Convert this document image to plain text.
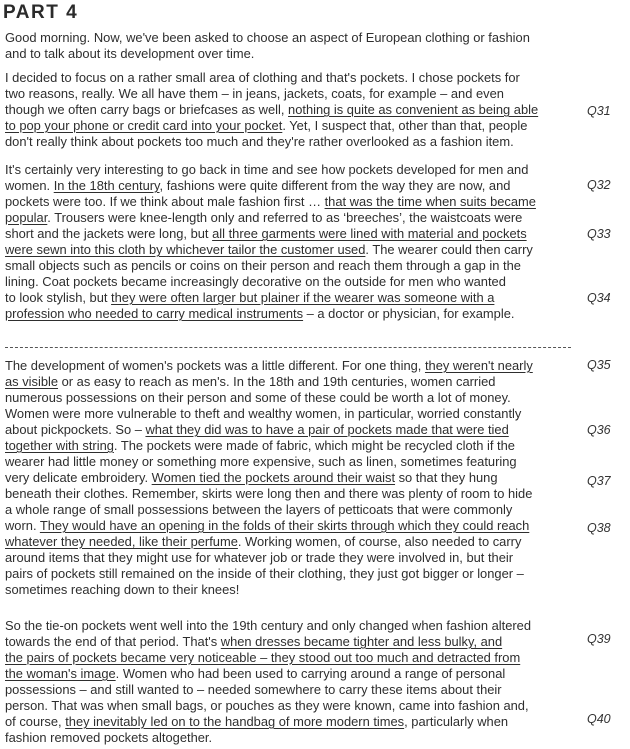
PART 4

Good morning. Now, we've been asked to choose an aspect of European clothing or fashion

and to talk about its development over time.

I decided to focus on a rather small area of clothing and that's pockets. I chose pockets for

two reasons, really. We all have them – in jeans, jackets, coats, for example – and even

though we often carry bags or briefcases as well, nothing is quite as convenient as being able

to pop your phone or credit card into your pocket. Yet, I suspect that, other than that, people

don't really think about pockets too much and they're rather overlooked as a fashion item.

It's certainly very interesting to go back in time and see how pockets developed for men and

women. In the 18th century, fashions were quite different from the way they are now, and

pockets were too. If we think about male fashion first … that was the time when suits became

popular. Trousers were knee-length only and referred to as ‘breeches’, the waistcoats were

short and the jackets were long, but all three garments were lined with material and pockets

were sewn into this cloth by whichever tailor the customer used. The wearer could then carry

small objects such as pencils or coins on their person and reach them through a gap in the

lining. Coat pockets became increasingly decorative on the outside for men who wanted

to look stylish, but they were often larger but plainer if the wearer was someone with a

profession who needed to carry medical instruments – a doctor or physician, for example.

The development of women's pockets was a little different. For one thing, they weren't nearly

as visible or as easy to reach as men's. In the 18th and 19th centuries, women carried

numerous possessions on their person and some of these could be worth a lot of money.

Women were more vulnerable to theft and wealthy women, in particular, worried constantly

about pickpockets. So – what they did was to have a pair of pockets made that were tied

together with string. The pockets were made of fabric, which might be recycled cloth if the

wearer had little money or something more expensive, such as linen, sometimes featuring

very delicate embroidery. Women tied the pockets around their waist so that they hung

beneath their clothes. Remember, skirts were long then and there was plenty of room to hide

a whole range of small possessions between the layers of petticoats that were commonly

worn. They would have an opening in the folds of their skirts through which they could reach

whatever they needed, like their perfume. Working women, of course, also needed to carry

around items that they might use for whatever job or trade they were involved in, but their

pairs of pockets still remained on the inside of their clothing, they just got bigger or longer –

sometimes reaching down to their knees!

So the tie-on pockets went well into the 19th century and only changed when fashion altered

towards the end of that period. That's when dresses became tighter and less bulky, and

the pairs of pockets became very noticeable – they stood out too much and detracted from

the woman's image. Women who had been used to carrying around a range of personal

possessions – and still wanted to – needed somewhere to carry these items about their

person. That was when small bags, or pouches as they were known, came into fashion and,

of course, they inevitably led on to the handbag of more modern times, particularly when

fashion removed pockets altogether.

Q31
Q32
Q33
Q34
Q35
Q36
Q37
Q38
Q39
Q40
